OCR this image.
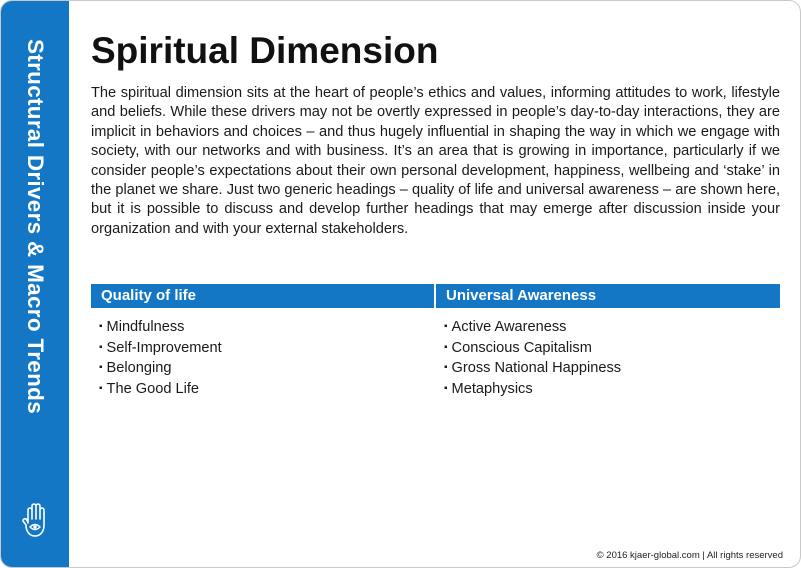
Structural Drivers & Macro Trends Spiritual Dimension

The spiritual dimension sits at the heart of people’s ethics and values, informing attitudes to work, lifestyle and beliefs. While these drivers may not be overtly expressed in people’s day-to-day interactions, they are implicit in behaviors and choices – and thus hugely influential in shaping the way in which we engage with society, with our networks and with business. It’s an area that is growing in importance, particularly if we consider people’s expectations about their own personal development, happiness, wellbeing and ‘stake’ in the planet we share. Just two generic headings – quality of life and universal awareness – are shown here, but it is possible to discuss and develop further headings that may emerge after discussion inside your organization and with your external stakeholders.

Quality of life	Universal Awareness
▪ Mindfulness
▪ Self-Improvement
▪ Belonging
▪ The Good Life
▪ Active Awareness
▪ Conscious Capitalism
▪ Gross National Happiness
▪ Metaphysics
© 2016 kjaer-global.com | All rights reserved
